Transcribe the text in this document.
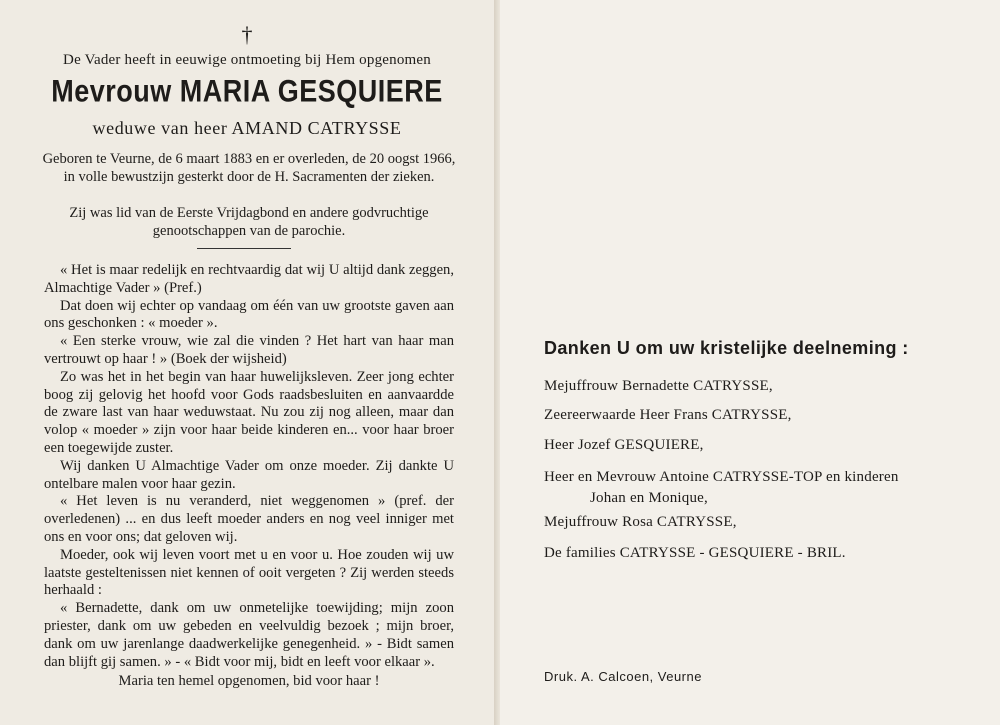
†
De Vader heeft in eeuwige ontmoeting bij Hem opgenomen
Mevrouw MARIA GESQUIERE
weduwe van heer AMAND CATRYSSE
Geboren te Veurne, de 6 maart 1883 en er overleden, de 20 oogst 1966, in volle bewustzijn gesterkt door de H. Sacramenten der zieken.
Zij was lid van de Eerste Vrijdagbond en andere godvruchtige genootschappen van de parochie.

« Het is maar redelijk en rechtvaardig dat wij U altijd dank zeggen, Almachtige Vader » (Pref.)

Dat doen wij echter op vandaag om één van uw grootste gaven aan ons geschonken : « moeder ».

« Een sterke vrouw, wie zal die vinden ? Het hart van haar man vertrouwt op haar ! » (Boek der wijsheid)

Zo was het in het begin van haar huwelijksleven. Zeer jong echter boog zij gelovig het hoofd voor Gods raadsbesluiten en aanvaardde de zware last van haar weduwstaat. Nu zou zij nog alleen, maar dan volop « moeder » zijn voor haar beide kinderen en... voor haar broer een toegewijde zuster.

Wij danken U Almachtige Vader om onze moeder. Zij dankte U ontelbare malen voor haar gezin.

« Het leven is nu veranderd, niet weggenomen » (pref. der overledenen) ... en dus leeft moeder anders en nog veel inniger met ons en voor ons; dat geloven wij.

Moeder, ook wij leven voort met u en voor u. Hoe zouden wij uw laatste gesteltenissen niet kennen of ooit vergeten ? Zij werden steeds herhaald :

« Bernadette, dank om uw onmetelijke toewijding; mijn zoon priester, dank om uw gebeden en veelvuldig bezoek ; mijn broer, dank om uw jarenlange daadwerkelijke genegenheid. » - Bidt samen dan blijft gij samen. » - « Bidt voor mij, bidt en leeft voor elkaar ».

Maria ten hemel opgenomen, bid voor haar !

Danken U om uw kristelijke deelneming :
Mejuffrouw Bernadette CATRYSSE,
Zeereerwaarde Heer Frans CATRYSSE,
Heer Jozef GESQUIERE,
Heer en Mevrouw Antoine CATRYSSE-TOP en kinderen
Johan en Monique,
Mejuffrouw Rosa CATRYSSE,
De families CATRYSSE - GESQUIERE - BRIL.
Druk. A. Calcoen, Veurne
